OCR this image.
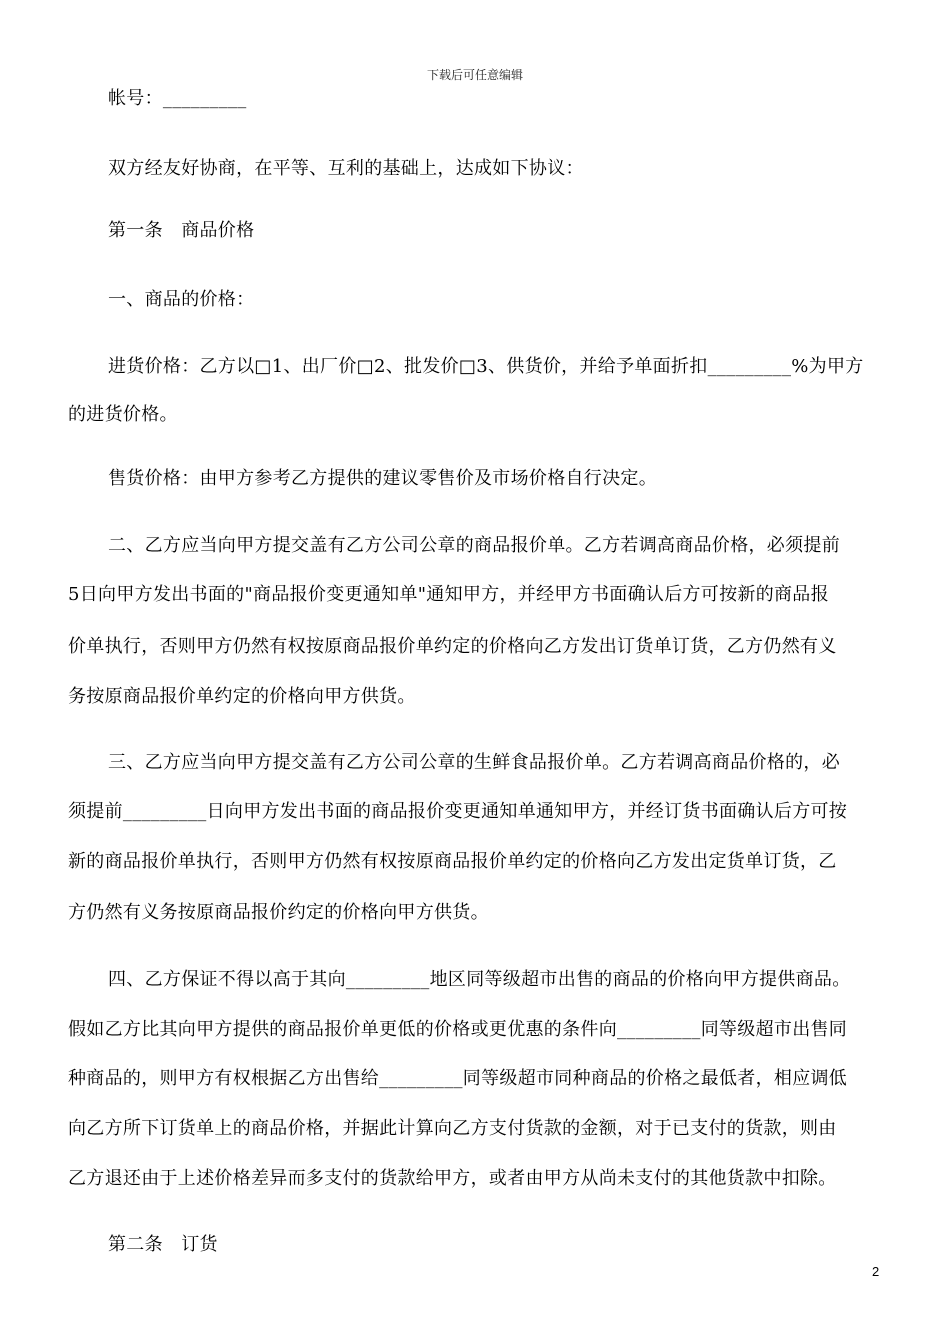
下载后可任意编辑
帐号：_________
双方经友好协商，在平等、互利的基础上，达成如下协议：
第一条　商品价格
一、商品的价格：
进货价格：乙方以□1、出厂价□2、批发价□3、供货价，并给予单面折扣_________%为甲方
的进货价格。
售货价格：由甲方参考乙方提供的建议零售价及市场价格自行决定。
二、乙方应当向甲方提交盖有乙方公司公章的商品报价单。乙方若调高商品价格，必须提前
5日向甲方发出书面的"商品报价变更通知单"通知甲方，并经甲方书面确认后方可按新的商品报
价单执行，否则甲方仍然有权按原商品报价单约定的价格向乙方发出订货单订货，乙方仍然有义
务按原商品报价单约定的价格向甲方供货。
三、乙方应当向甲方提交盖有乙方公司公章的生鲜食品报价单。乙方若调高商品价格的，必
须提前_________日向甲方发出书面的商品报价变更通知单通知甲方，并经订货书面确认后方可按
新的商品报价单执行，否则甲方仍然有权按原商品报价单约定的价格向乙方发出定货单订货，乙
方仍然有义务按原商品报价约定的价格向甲方供货。
四、乙方保证不得以高于其向_________地区同等级超市出售的商品的价格向甲方提供商品。
假如乙方比其向甲方提供的商品报价单更低的价格或更优惠的条件向_________同等级超市出售同
种商品的，则甲方有权根据乙方出售给_________同等级超市同种商品的价格之最低者，相应调低
向乙方所下订货单上的商品价格，并据此计算向乙方支付货款的金额，对于已支付的货款，则由
乙方退还由于上述价格差异而多支付的货款给甲方，或者由甲方从尚未支付的其他货款中扣除。
第二条　订货
2
